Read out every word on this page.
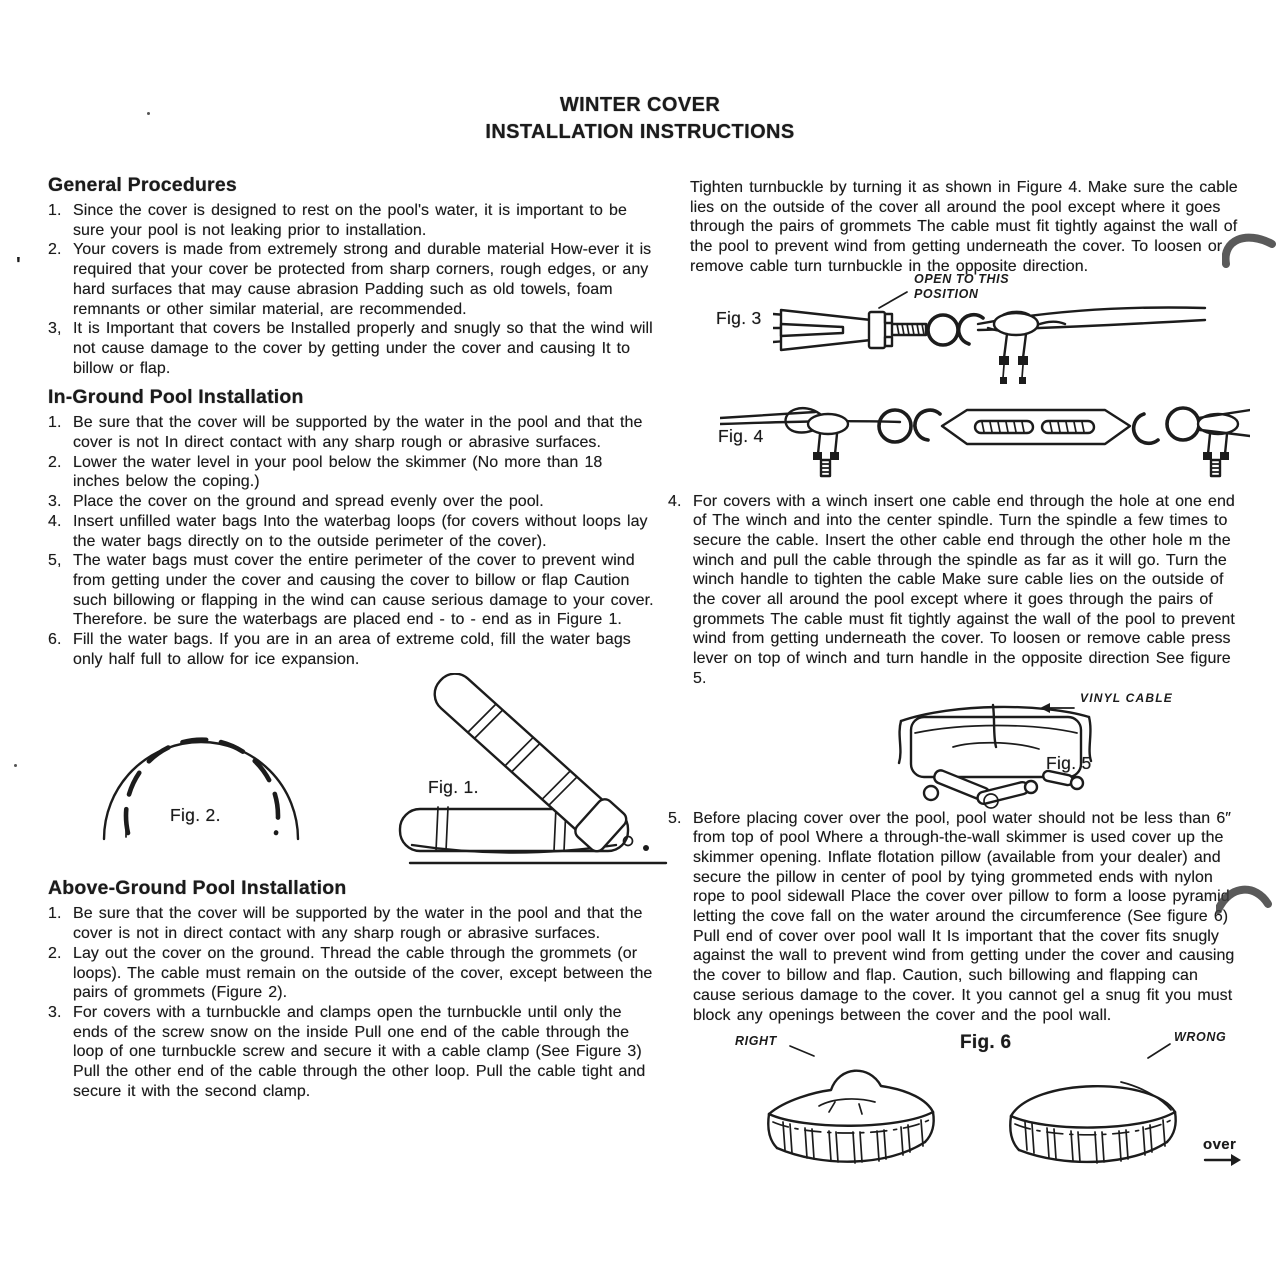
WINTER COVER
INSTALLATION INSTRUCTIONS
General Procedures
1. Since the cover is designed to rest on the pool's water, it is important to be sure your pool is not leaking prior to installation.
2. Your covers is made from extremely strong and durable material How-ever it is required that your cover be protected from sharp corners, rough edges, or any hard surfaces that may cause abrasion Padding such as old towels, foam remnants or other similar material, are recommended.
3, It is Important that covers be Installed properly and snugly so that the wind will not cause damage to the cover by getting under the cover and causing It to billow or flap.
In-Ground Pool Installation
1. Be sure that the cover will be supported by the water in the pool and that the cover is not In direct contact with any sharp rough or abrasive surfaces.
2. Lower the water level in your pool below the skimmer (No more than 18 inches below the coping.)
3. Place the cover on the ground and spread evenly over the pool.
4. Insert unfilled water bags Into the waterbag loops (for covers without loops lay the water bags directly on to the outside perimeter of the cover).
5, The water bags must cover the entire perimeter of the cover to prevent wind from getting under the cover and causing the cover to billow or flap Caution such billowing or flapping in the wind can cause serious damage to your cover. Therefore. be sure the waterbags are placed end - to - end as in Figure 1.
6. Fill the water bags. If you are in an area of extreme cold, fill the water bags only half full to allow for ice expansion.
Fig. 2.
Fig. 1.
Above-Ground Pool Installation
1. Be sure that the cover will be supported by the water in the pool and that the cover is not in direct contact with any sharp rough or abrasive surfaces.
2. Lay out the cover on the ground. Thread the cable through the grommets (or loops). The cable must remain on the outside of the cover, except between the pairs of grommets (Figure 2).
3. For covers with a turnbuckle and clamps open the turnbuckle until only the ends of the screw snow on the inside Pull one end of the cable through the loop of one turnbuckle screw and secure it with a cable clamp (See Figure 3) Pull the other end of the cable through the other loop. Pull the cable tight and secure it with the second clamp.

Tighten turnbuckle by turning it as shown in Figure 4. Make sure the cable lies on the outside of the cover all around the pool except where it goes through the pairs of grommets The cable must fit tightly against the wall of the pool to prevent wind from getting underneath the cover. To loosen or remove cable turn turnbuckle in the opposite direction.

Fig. 3
OPEN TO THIS POSITION
Fig. 4
4. For covers with a winch insert one cable end through the hole at one end of The winch and into the center spindle. Turn the spindle a few times to secure the cable. Insert the other cable end through the other hole m the winch and pull the cable through the spindle as far as it will go. Turn the winch handle to tighten the cable Make sure cable lies on the outside of the cover all around the pool except where it goes through the pairs of grommets The cable must fit tightly against the wall of the pool to prevent wind from getting underneath the cover. To loosen or remove cable press lever on top of winch and turn handle in the opposite direction See figure 5.
VINYL CABLE
Fig. 5
5. Before placing cover over the pool, pool water should not be less than 6″ from top of pool Where a through-the-wall skimmer is used cover up the skimmer opening. Inflate flotation pillow (available from your dealer) and secure the pillow in center of pool by tying grommeted ends with nylon rope to pool sidewall Place the cover over pillow to form a loose pyramid letting the cove fall on the water around the circumference (See figure 6) Pull end of cover over pool wall It Is important that the cover fits snugly against the wall to prevent wind from getting under the cover and causing the cover to billow and flap. Caution, such billowing and flapping can cause serious damage to the cover. It you cannot gel a snug fit you must block any openings between the cover and the pool wall.
RIGHT	Fig. 6	WRONG
over
'
